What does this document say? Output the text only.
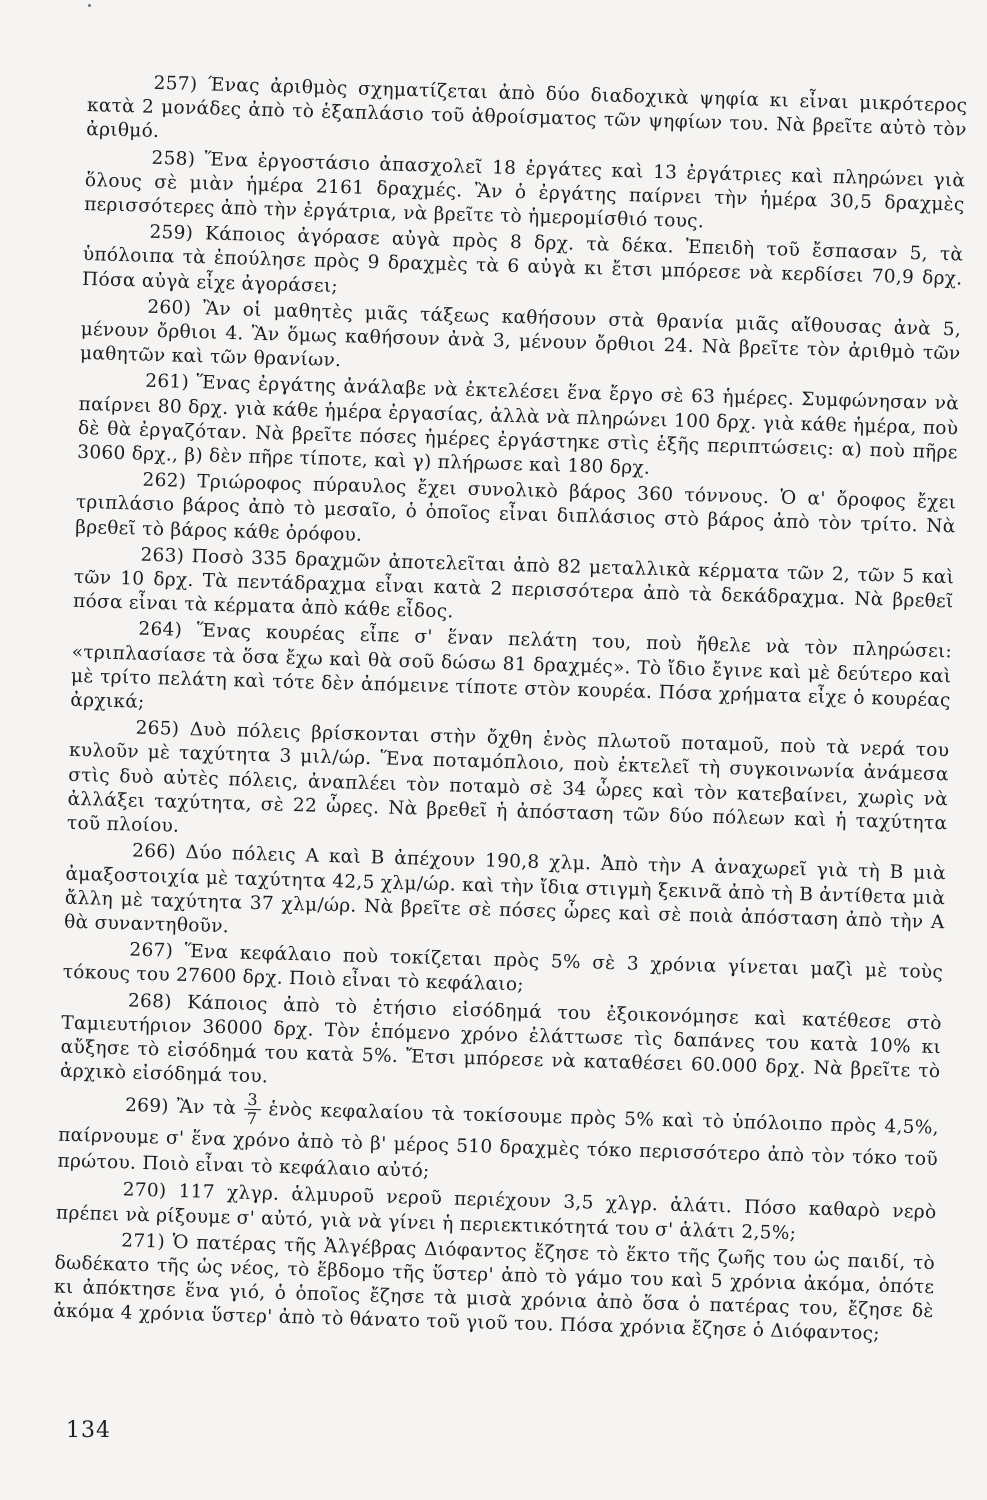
257) Ένας ἀριθμὸς σχηματίζεται ἀπὸ δύο διαδοχικὰ ψηφία κι εἶναι μικρότερος κατὰ 2 μονάδες ἀπὸ τὸ ἑξαπλάσιο τοῦ ἀθροίσματος τῶν ψηφίων του. Νὰ βρεῖτε αὐτὸ τὸν ἀριθμό.

258) Ἕνα ἐργοστάσιο ἀπασχολεῖ 18 ἐργάτες καὶ 13 ἐργάτριες καὶ πληρώνει γιὰ ὅλους σὲ μιὰν ἡμέρα 2161 δραχμές. Ἂν ὁ ἐργάτης παίρνει τὴν ἡμέρα 30,5 δραχμὲς περισσότερες ἀπὸ τὴν ἐργάτρια, νὰ βρεῖτε τὸ ἡμερομίσθιό τους.

259) Κάποιος ἀγόρασε αὐγὰ πρὸς 8 δρχ. τὰ δέκα. Ἐπειδὴ τοῦ ἔσπασαν 5, τὰ ὑπόλοιπα τὰ ἐπούλησε πρὸς 9 δραχμὲς τὰ 6 αὐγὰ κι ἔτσι μπόρεσε νὰ κερδίσει 70,9 δρχ. Πόσα αὐγὰ εἶχε ἀγοράσει;

260) Ἂν οἱ μαθητὲς μιᾶς τάξεως καθήσουν στὰ θρανία μιᾶς αἴθουσας ἀνὰ 5, μένουν ὄρθιοι 4. Ἂν ὅμως καθήσουν ἀνὰ 3, μένουν ὄρθιοι 24. Νὰ βρεῖτε τὸν ἀριθμὸ τῶν μαθητῶν καὶ τῶν θρανίων.

261) Ἕνας ἐργάτης ἀνάλαβε νὰ ἐκτελέσει ἕνα ἔργο σὲ 63 ἡμέρες. Συμφώνησαν νὰ παίρνει 80 δρχ. γιὰ κάθε ἡμέρα ἐργασίας, ἀλλὰ νὰ πληρώνει 100 δρχ. γιὰ κάθε ἡμέρα, ποὺ δὲ θὰ ἐργαζόταν. Νὰ βρεῖτε πόσες ἡμέρες ἐργάστηκε στὶς ἑξῆς περιπτώσεις: α) ποὺ πῆρε 3060 δρχ., β) δὲν πῆρε τίποτε, καὶ γ) πλήρωσε καὶ 180 δρχ.

262) Τριώροφος πύραυλος ἔχει συνολικὸ βάρος 360 τόννους. Ὁ α' ὄροφος ἔχει τριπλάσιο βάρος ἀπὸ τὸ μεσαῖο, ὁ ὁποῖος εἶναι διπλάσιος στὸ βάρος ἀπὸ τὸν τρίτο. Νὰ βρεθεῖ τὸ βάρος κάθε ὀρόφου.

263) Ποσὸ 335 δραχμῶν ἀποτελεῖται ἀπὸ 82 μεταλλικὰ κέρματα τῶν 2, τῶν 5 καὶ τῶν 10 δρχ. Τὰ πεντάδραχμα εἶναι κατὰ 2 περισσότερα ἀπὸ τὰ δεκάδραχμα. Νὰ βρεθεῖ πόσα εἶναι τὰ κέρματα ἀπὸ κάθε εἶδος.

264) Ἕνας κουρέας εἶπε σ' ἕναν πελάτη του, ποὺ ἤθελε νὰ τὸν πληρώσει: «τριπλασίασε τὰ ὅσα ἔχω καὶ θὰ σοῦ δώσω 81 δραχμές». Τὸ ἴδιο ἔγινε καὶ μὲ δεύτερο καὶ μὲ τρίτο πελάτη καὶ τότε δὲν ἀπόμεινε τίποτε στὸν κουρέα. Πόσα χρήματα εἶχε ὁ κουρέας ἀρχικά;

265) Δυὸ πόλεις βρίσκονται στὴν ὄχθη ἑνὸς πλωτοῦ ποταμοῦ, ποὺ τὰ νερά του κυλοῦν μὲ ταχύτητα 3 μιλ/ώρ. Ἕνα ποταμόπλοιο, ποὺ ἐκτελεῖ τὴ συγκοινωνία ἀνάμεσα στὶς δυὸ αὐτὲς πόλεις, ἀναπλέει τὸν ποταμὸ σὲ 34 ὧρες καὶ τὸν κατεβαίνει, χωρὶς νὰ ἀλλάξει ταχύτητα, σὲ 22 ὧρες. Νὰ βρεθεῖ ἡ ἀπόσταση τῶν δύο πόλεων καὶ ἡ ταχύτητα τοῦ πλοίου.

266) Δύο πόλεις Α καὶ Β ἀπέχουν 190,8 χλμ. Ἀπὸ τὴν Α ἀναχωρεῖ γιὰ τὴ Β μιὰ ἀμαξοστοιχία μὲ ταχύτητα 42,5 χλμ/ώρ. καὶ τὴν ἴδια στιγμὴ ξεκινᾶ ἀπὸ τὴ Β ἀντίθετα μιὰ ἄλλη μὲ ταχύτητα 37 χλμ/ώρ. Νὰ βρεῖτε σὲ πόσες ὧρες καὶ σὲ ποιὰ ἀπόσταση ἀπὸ τὴν Α θὰ συναντηθοῦν.

267) Ἕνα κεφάλαιο ποὺ τοκίζεται πρὸς 5% σὲ 3 χρόνια γίνεται μαζὶ μὲ τοὺς τόκους του 27600 δρχ. Ποιὸ εἶναι τὸ κεφάλαιο;

268) Κάποιος ἀπὸ τὸ ἐτήσιο εἰσόδημά του ἐξοικονόμησε καὶ κατέθεσε στὸ Ταμιευτήριον 36000 δρχ. Τὸν ἑπόμενο χρόνο ἐλάττωσε τὶς δαπάνες του κατὰ 10% κι αὔξησε τὸ εἰσόδημά του κατὰ 5%. Ἔτσι μπόρεσε νὰ καταθέσει 60.000 δρχ. Νὰ βρεῖτε τὸ ἀρχικὸ εἰσόδημά του.

269) Ἂν τὰ $\frac{3}{7}$ ἑνὸς κεφαλαίου τὰ τοκίσουμε πρὸς 5% καὶ τὸ ὑπόλοιπο πρὸς 4,5%, παίρνουμε σ' ἕνα χρόνο ἀπὸ τὸ β' μέρος 510 δραχμὲς τόκο περισσότερο ἀπὸ τὸν τόκο τοῦ πρώτου. Ποιὸ εἶναι τὸ κεφάλαιο αὐτό;

270) 117 χλγρ. ἁλμυροῦ νεροῦ περιέχουν 3,5 χλγρ. ἁλάτι. Πόσο καθαρὸ νερὸ πρέπει νὰ ρίξουμε σ' αὐτό, γιὰ νὰ γίνει ἡ περιεκτικότητά του σ' ἁλάτι 2,5%;

271) Ὁ πατέρας τῆς Ἀλγέβρας Διόφαντος ἔζησε τὸ ἕκτο τῆς ζωῆς του ὡς παιδί, τὸ δωδέκατο τῆς ὡς νέος, τὸ ἕβδομο τῆς ὕστερ' ἀπὸ τὸ γάμο του καὶ 5 χρόνια ἀκόμα, ὁπότε κι ἀπόκτησε ἕνα γιό, ὁ ὁποῖος ἔζησε τὰ μισὰ χρόνια ἀπὸ ὅσα ὁ πατέρας του, ἔζησε δὲ ἀκόμα 4 χρόνια ὕστερ' ἀπὸ τὸ θάνατο τοῦ γιοῦ του. Πόσα χρόνια ἔζησε ὁ Διόφαντος;

134
